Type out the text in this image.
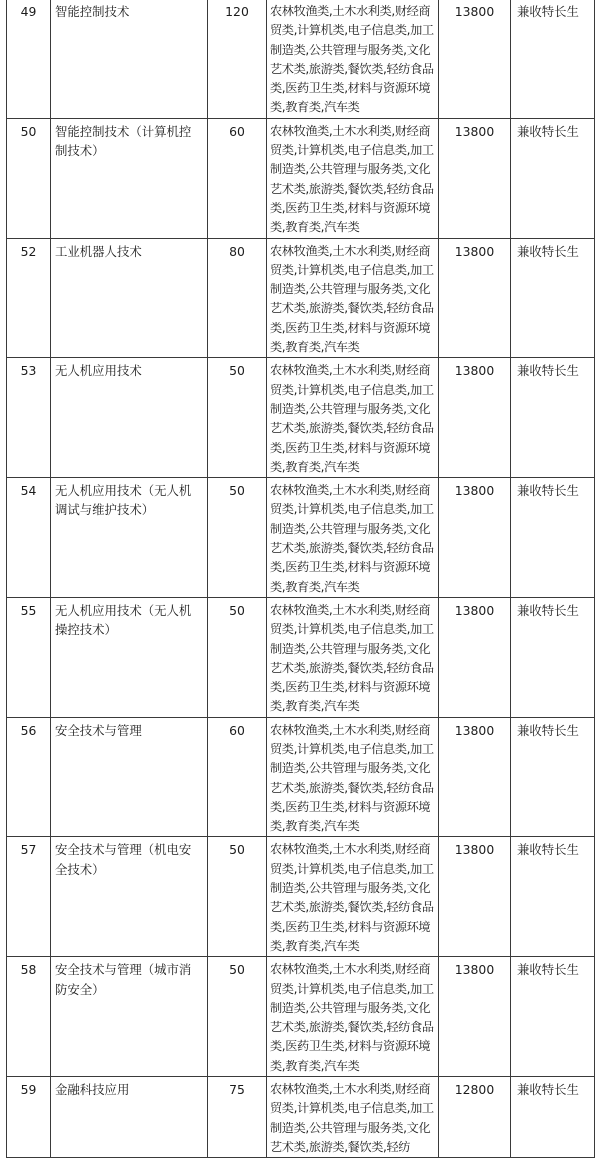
49	智能控制技术	120	农林牧渔类,土木水利类,财经商贸类,计算机类,电子信息类,加工制造类,公共管理与服务类,文化艺术类,旅游类,餐饮类,轻纺食品类,医药卫生类,材料与资源环境类,教育类,汽车类	13800	兼收特长生

50	智能控制技术（计算机控制技术）	60	农林牧渔类,土木水利类,财经商贸类,计算机类,电子信息类,加工制造类,公共管理与服务类,文化艺术类,旅游类,餐饮类,轻纺食品类,医药卫生类,材料与资源环境类,教育类,汽车类	13800	兼收特长生

52	工业机器人技术	80	农林牧渔类,土木水利类,财经商贸类,计算机类,电子信息类,加工制造类,公共管理与服务类,文化艺术类,旅游类,餐饮类,轻纺食品类,医药卫生类,材料与资源环境类,教育类,汽车类	13800	兼收特长生

53	无人机应用技术	50	农林牧渔类,土木水利类,财经商贸类,计算机类,电子信息类,加工制造类,公共管理与服务类,文化艺术类,旅游类,餐饮类,轻纺食品类,医药卫生类,材料与资源环境类,教育类,汽车类	13800	兼收特长生

54	无人机应用技术（无人机调试与维护技术）	50	农林牧渔类,土木水利类,财经商贸类,计算机类,电子信息类,加工制造类,公共管理与服务类,文化艺术类,旅游类,餐饮类,轻纺食品类,医药卫生类,材料与资源环境类,教育类,汽车类	13800	兼收特长生

55	无人机应用技术（无人机操控技术）	50	农林牧渔类,土木水利类,财经商贸类,计算机类,电子信息类,加工制造类,公共管理与服务类,文化艺术类,旅游类,餐饮类,轻纺食品类,医药卫生类,材料与资源环境类,教育类,汽车类	13800	兼收特长生

56	安全技术与管理	60	农林牧渔类,土木水利类,财经商贸类,计算机类,电子信息类,加工制造类,公共管理与服务类,文化艺术类,旅游类,餐饮类,轻纺食品类,医药卫生类,材料与资源环境类,教育类,汽车类	13800	兼收特长生

57	安全技术与管理（机电安全技术）	50	农林牧渔类,土木水利类,财经商贸类,计算机类,电子信息类,加工制造类,公共管理与服务类,文化艺术类,旅游类,餐饮类,轻纺食品类,医药卫生类,材料与资源环境类,教育类,汽车类	13800	兼收特长生

58	安全技术与管理（城市消防安全）	50	农林牧渔类,土木水利类,财经商贸类,计算机类,电子信息类,加工制造类,公共管理与服务类,文化艺术类,旅游类,餐饮类,轻纺食品类,医药卫生类,材料与资源环境类,教育类,汽车类	13800	兼收特长生

59	金融科技应用	75	农林牧渔类,土木水利类,财经商贸类,计算机类,电子信息类,加工制造类,公共管理与服务类,文化艺术类,旅游类,餐饮类,轻纺	12800	兼收特长生
